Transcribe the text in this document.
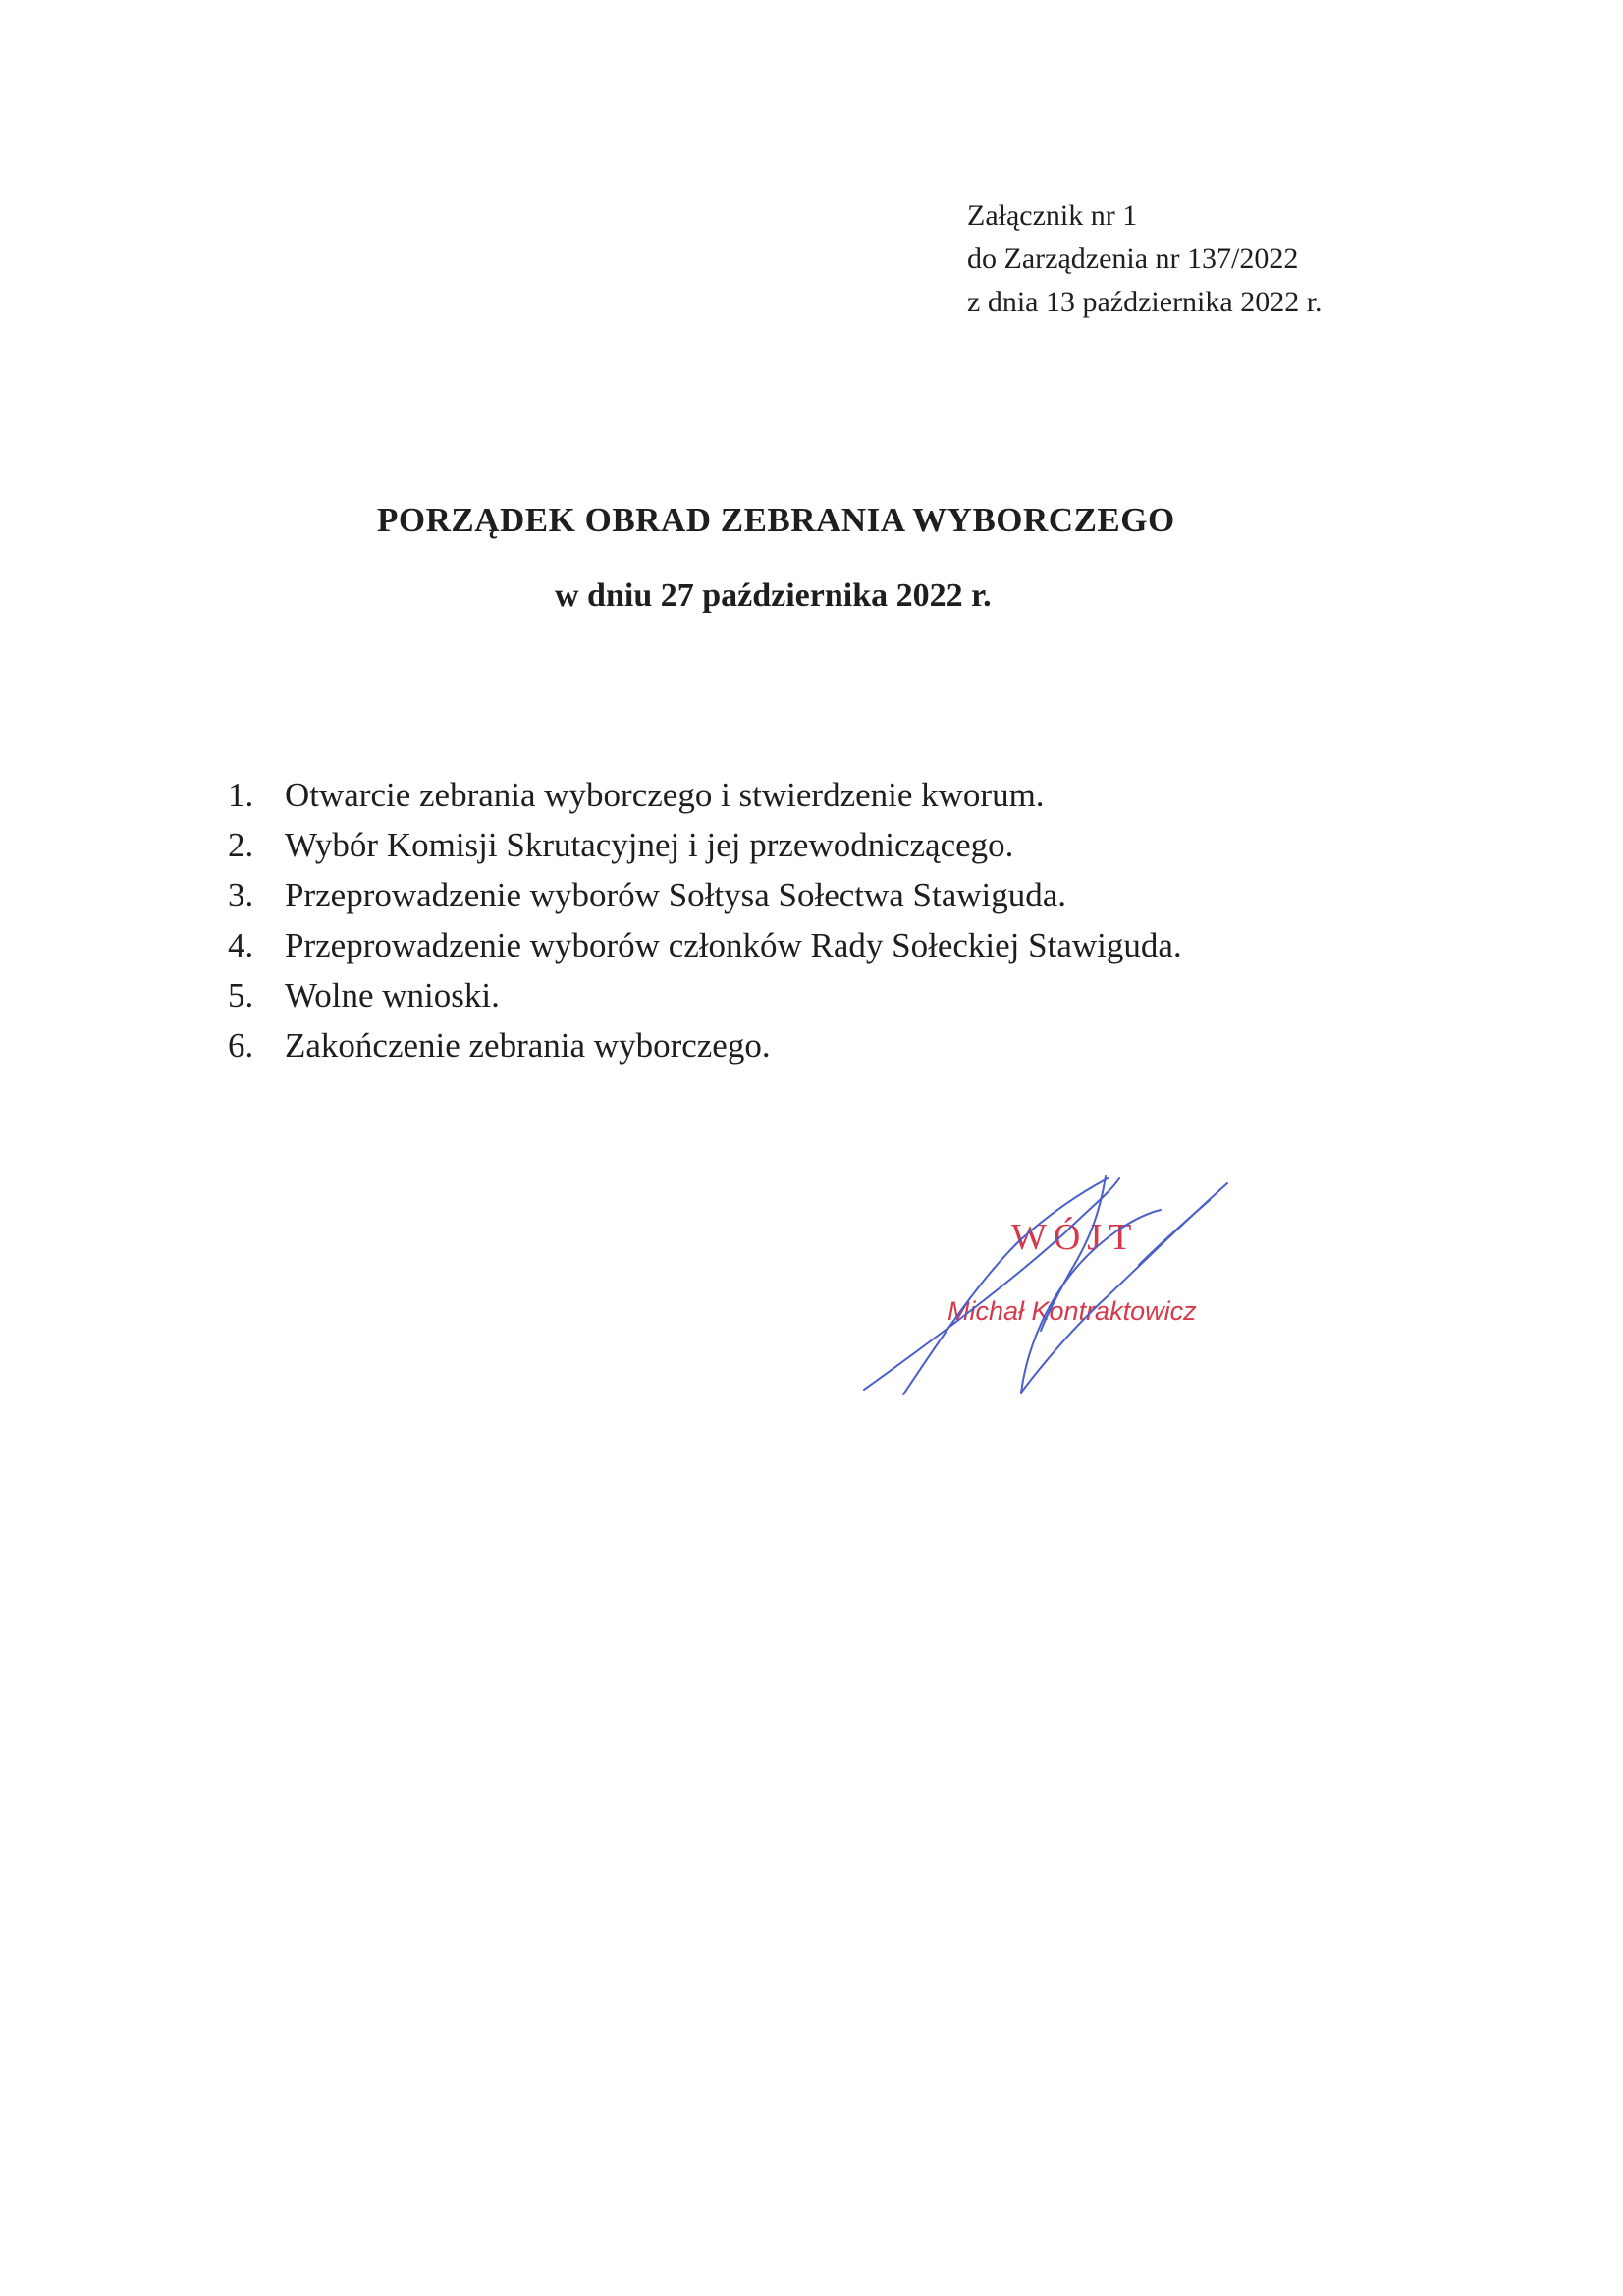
Załącznik nr 1
do Zarządzenia nr 137/2022
z dnia 13 października 2022 r.
PORZĄDEK OBRAD ZEBRANIA WYBORCZEGO
w dniu 27 października 2022 r.
1. Otwarcie zebrania wyborczego i stwierdzenie kworum.
2. Wybór Komisji Skrutacyjnej i jej przewodniczącego.
3. Przeprowadzenie wyborów Sołtysa Sołectwa Stawiguda.
4. Przeprowadzenie wyborów członków Rady Sołeckiej Stawiguda.
5. Wolne wnioski.
6. Zakończenie zebrania wyborczego.
WÓJT
Michał Kontraktowicz
